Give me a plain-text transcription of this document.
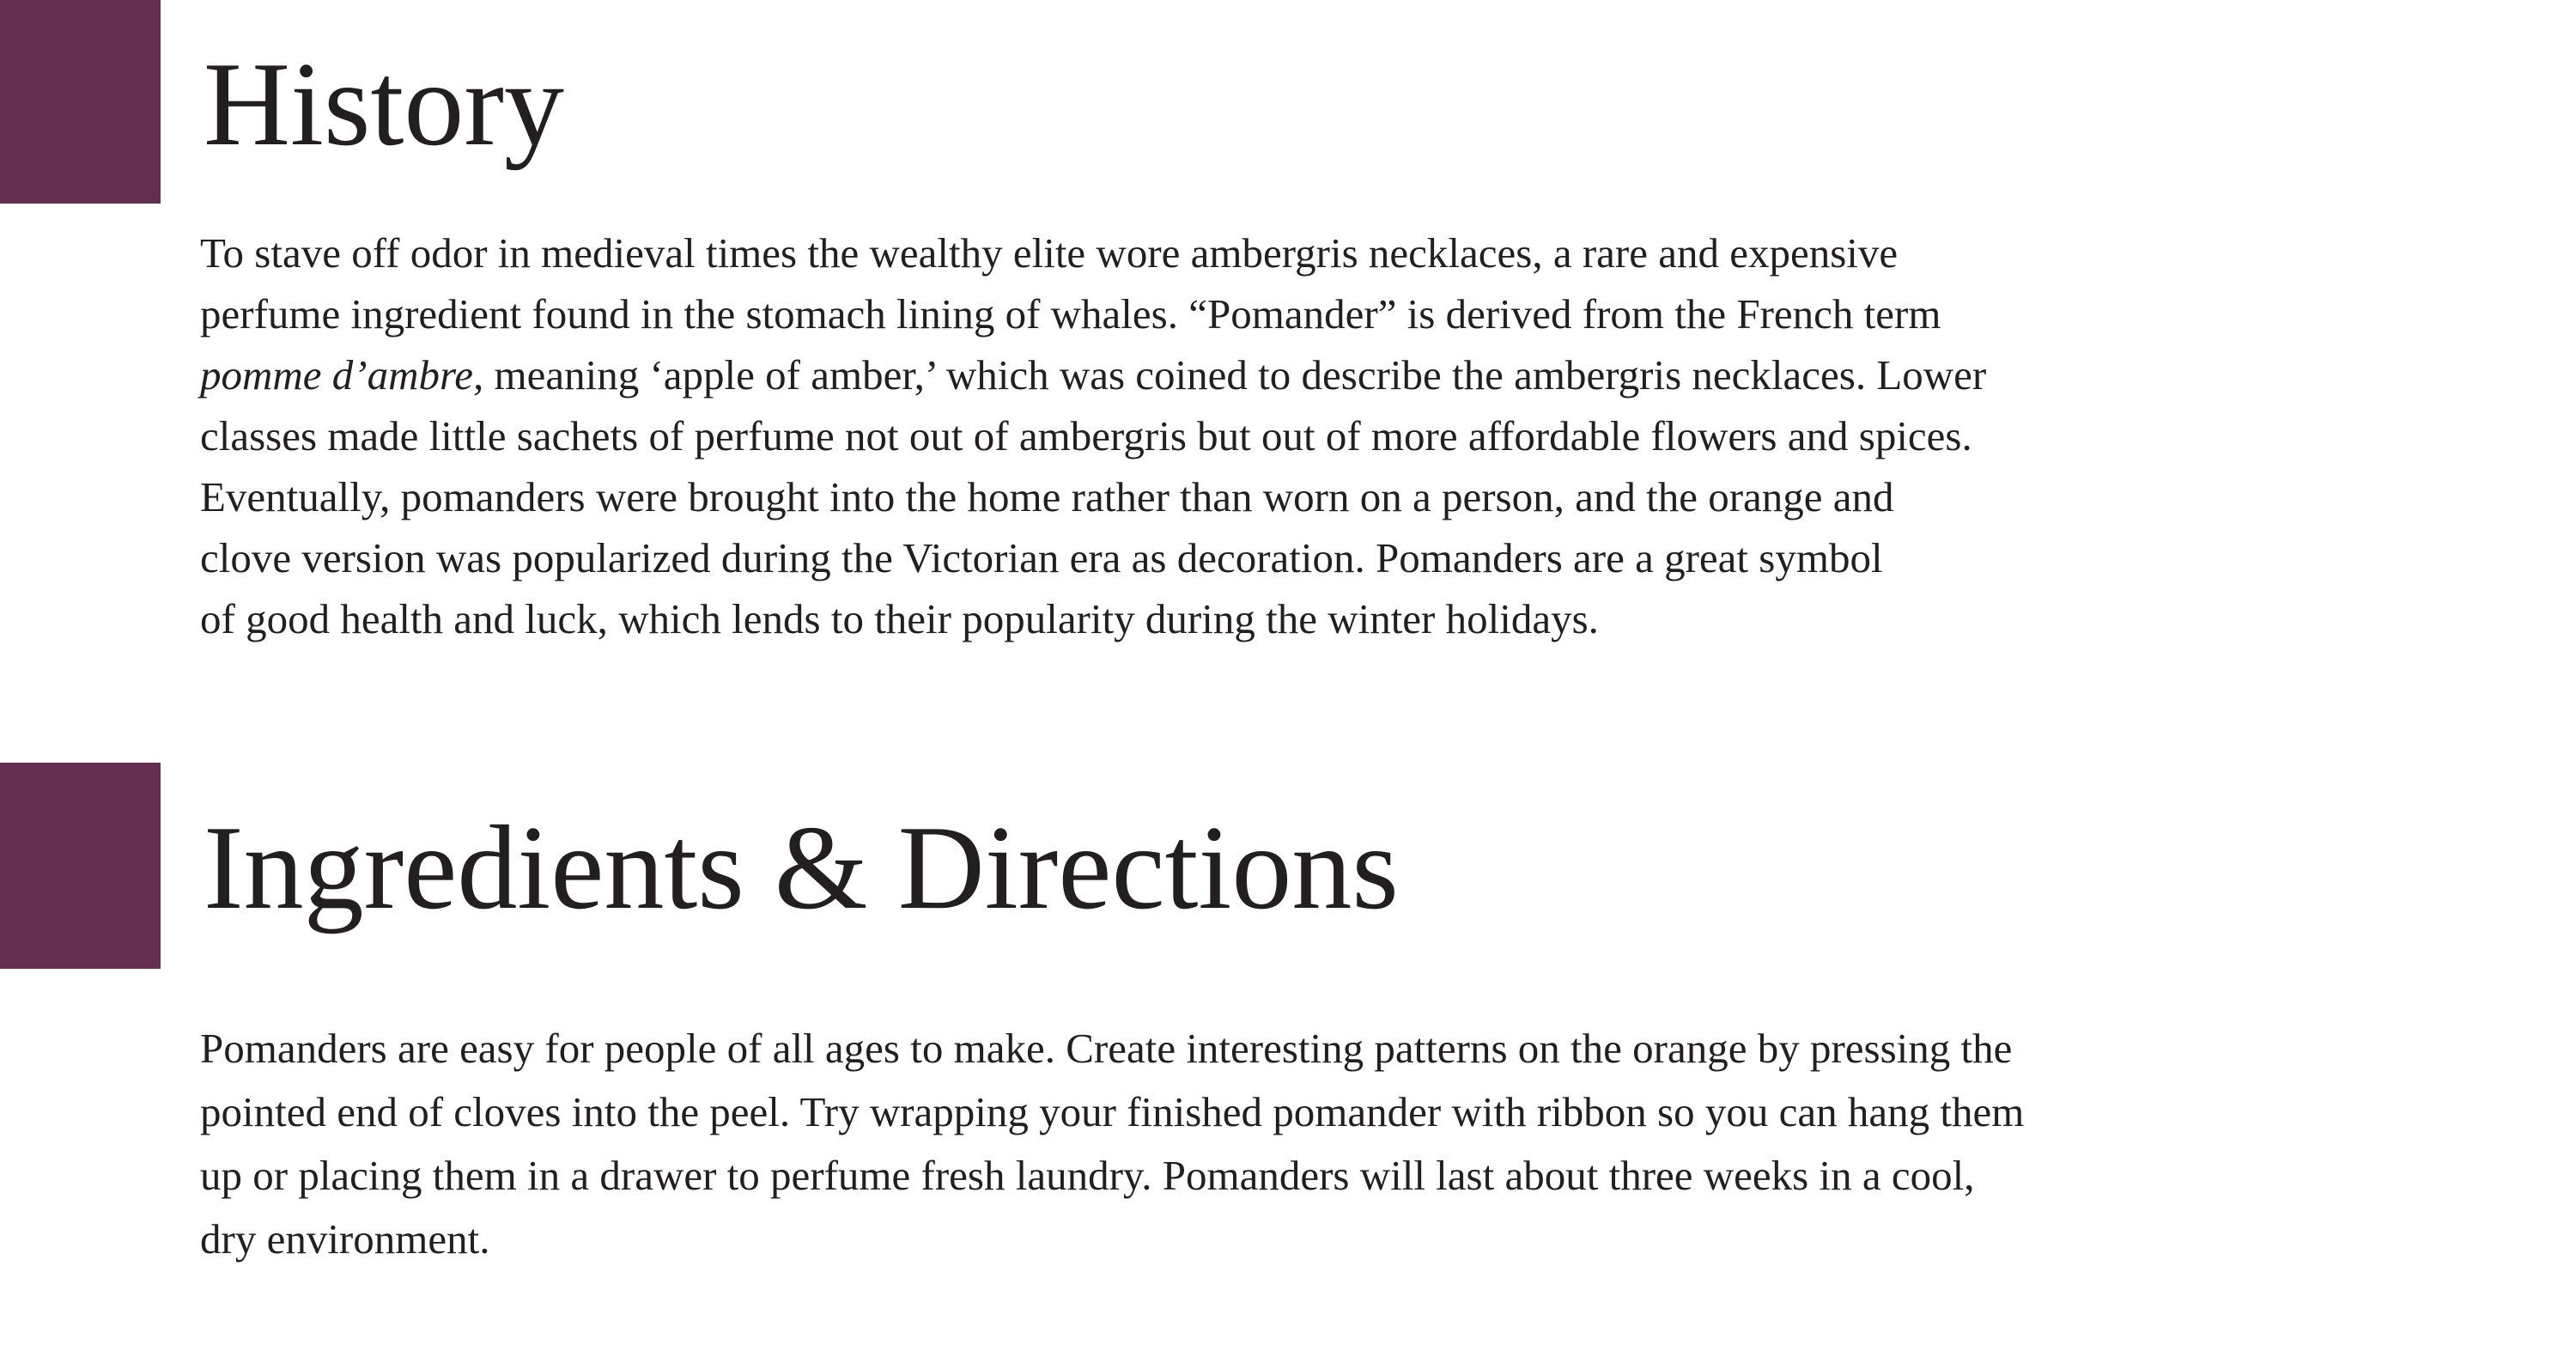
History
To stave off odor in medieval times the wealthy elite wore ambergris necklaces, a rare and expensive
perfume ingredient found in the stomach lining of whales. “Pomander” is derived from the French term
pomme d’ambre, meaning ‘apple of amber,’ which was coined to describe the ambergris necklaces. Lower
classes made little sachets of perfume not out of ambergris but out of more affordable flowers and spices.
Eventually, pomanders were brought into the home rather than worn on a person, and the orange and
clove version was popularized during the Victorian era as decoration. Pomanders are a great symbol
of good health and luck, which lends to their popularity during the winter holidays.
Ingredients & Directions
Pomanders are easy for people of all ages to make. Create interesting patterns on the orange by pressing the
pointed end of cloves into the peel. Try wrapping your finished pomander with ribbon so you can hang them
up or placing them in a drawer to perfume fresh laundry. Pomanders will last about three weeks in a cool,
dry environment.
